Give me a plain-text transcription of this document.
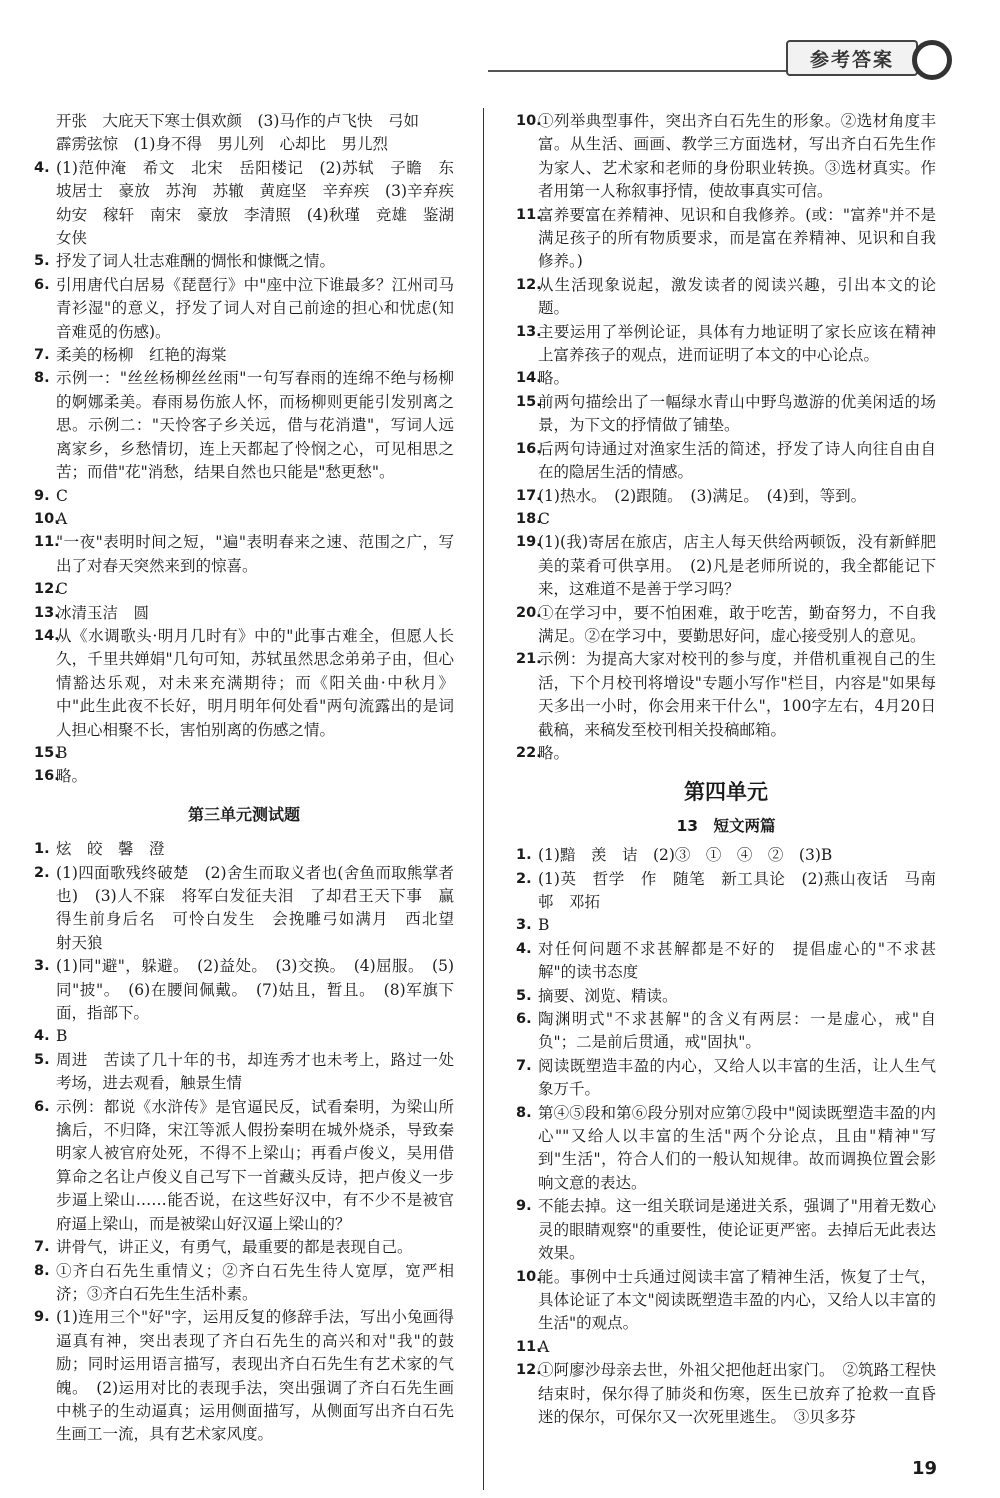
参考答案
开张　大庇天下寒士俱欢颜　(3)马作的卢飞快　弓如
霹雳弦惊　(1)身不得　男儿列　心却比　男儿烈
4. (1)范仲淹　希文　北宋　岳阳楼记　(2)苏轼　子瞻　东坡居士　豪放　苏洵　苏辙　黄庭坚　辛弃疾　(3)辛弃疾　幼安　稼轩　南宋　豪放　李清照　(4)秋瑾　竞雄　鉴湖女侠
5. 抒发了词人壮志难酬的惆怅和慷慨之情。
6. 引用唐代白居易《琵琶行》中"座中泣下谁最多？江州司马青衫湿"的意义，抒发了词人对自己前途的担心和忧虑(知音难觅的伤感)。
7. 柔美的杨柳　红艳的海棠
8. 示例一："丝丝杨柳丝丝雨"一句写春雨的连绵不绝与杨柳的婀娜柔美。春雨易伤旅人怀，而杨柳则更能引发别离之思。示例二："天怜客子乡关远，借与花消遣"，写词人远离家乡，乡愁情切，连上天都起了怜悯之心，可见相思之苦；而借"花"消愁，结果自然也只能是"愁更愁"。
9. C
10.
A
11.
"一夜"表明时间之短，"遍"表明春来之速、范围之广，写出了对春天突然来到的惊喜。
12.
C
13.
冰清玉洁　圆
14.
从《水调歌头·明月几时有》中的"此事古难全，但愿人长久，千里共婵娟"几句可知，苏轼虽然思念弟弟子由，但心情豁达乐观，对未来充满期待；而《阳关曲·中秋月》中"此生此夜不长好，明月明年何处看"两句流露出的是词人担心相聚不长，害怕别离的伤感之情。
15.
B
16.
略。
第三单元测试题
1. 炫　皎　馨　澄
2. (1)四面歌残终破楚　(2)舍生而取义者也(舍鱼而取熊掌者也)　(3)人不寐　将军白发征夫泪　了却君王天下事　赢得生前身后名　可怜白发生　会挽雕弓如满月　西北望　射天狼
3. (1)同"避"，躲避。　(2)益处。　(3)交换。　(4)屈服。　(5)同"披"。　(6)在腰间佩戴。　(7)姑且，暂且。　(8)军旗下面，指部下。
4. B
5. 周进　苦读了几十年的书，却连秀才也未考上，路过一处考场，进去观看，触景生情
6. 示例：都说《水浒传》是官逼民反，试看秦明，为梁山所擒后，不归降，宋江等派人假扮秦明在城外烧杀，导致秦明家人被官府处死，不得不上梁山；再看卢俊义，吴用借算命之名让卢俊义自己写下一首藏头反诗，把卢俊义一步步逼上梁山……能否说，在这些好汉中，有不少不是被官府逼上梁山，而是被梁山好汉逼上梁山的？
7. 讲骨气，讲正义，有勇气，最重要的都是表现自己。
8. ①齐白石先生重情义；②齐白石先生待人宽厚，宽严相济；③齐白石先生生活朴素。
9. (1)连用三个"好"字，运用反复的修辞手法，写出小兔画得逼真有神，突出表现了齐白石先生的高兴和对"我"的鼓励；同时运用语言描写，表现出齐白石先生有艺术家的气魄。　(2)运用对比的表现手法，突出强调了齐白石先生画中桃子的生动逼真；运用侧面描写，从侧面写出齐白石先生画工一流，具有艺术家风度。
10.
①列举典型事件，突出齐白石先生的形象。②选材角度丰富。从生活、画画、教学三方面选材，写出齐白石先生作为家人、艺术家和老师的身份职业转换。③选材真实。作者用第一人称叙事抒情，使故事真实可信。
11.
富养要富在养精神、见识和自我修养。(或："富养"并不是满足孩子的所有物质要求，而是富在养精神、见识和自我修养。)
12.
从生活现象说起，激发读者的阅读兴趣，引出本文的论题。
13.
主要运用了举例论证，具体有力地证明了家长应该在精神上富养孩子的观点，进而证明了本文的中心论点。
14.
略。
15.
前两句描绘出了一幅绿水青山中野鸟遨游的优美闲适的场景，为下文的抒情做了铺垫。
16.
后两句诗通过对渔家生活的简述，抒发了诗人向往自由自在的隐居生活的情感。
17.
(1)热水。　(2)跟随。　(3)满足。　(4)到，等到。
18.
C
19.
(1)(我)寄居在旅店，店主人每天供给两顿饭，没有新鲜肥美的菜肴可供享用。　(2)凡是老师所说的，我全都能记下来，这难道不是善于学习吗？
20.
①在学习中，要不怕困难，敢于吃苦，勤奋努力，不自我满足。②在学习中，要勤思好问，虚心接受别人的意见。
21.
示例：为提高大家对校刊的参与度，并借机重视自己的生活，下个月校刊将增设"专题小写作"栏目，内容是"如果每天多出一小时，你会用来干什么"，100字左右，4月20日截稿，来稿发至校刊相关投稿邮箱。
22.
略。
第四单元
13　短文两篇
1. (1)黯　羡　诘　(2)③　①　④　②　(3)B
2. (1)英　哲学　作　随笔　新工具论　(2)燕山夜话　马南邨　邓拓
3. B
4. 对任何问题不求甚解都是不好的　提倡虚心的"不求甚解"的读书态度
5. 摘要、浏览、精读。
6. 陶渊明式"不求甚解"的含义有两层：一是虚心，戒"自负"；二是前后贯通，戒"固执"。
7. 阅读既塑造丰盈的内心，又给人以丰富的生活，让人生气象万千。
8. 第④⑤段和第⑥段分别对应第⑦段中"阅读既塑造丰盈的内心""又给人以丰富的生活"两个分论点，且由"精神"写到"生活"，符合人们的一般认知规律。故而调换位置会影响文意的表达。
9. 不能去掉。这一组关联词是递进关系，强调了"用着无数心灵的眼睛观察"的重要性，使论证更严密。去掉后无此表达效果。
10.
能。事例中士兵通过阅读丰富了精神生活，恢复了士气，具体论证了本文"阅读既塑造丰盈的内心，又给人以丰富的生活"的观点。
11.
A
12.
①阿廖沙母亲去世，外祖父把他赶出家门。　②筑路工程快结束时，保尔得了肺炎和伤寒，医生已放弃了抢救一直昏迷的保尔，可保尔又一次死里逃生。　③贝多芬
19
